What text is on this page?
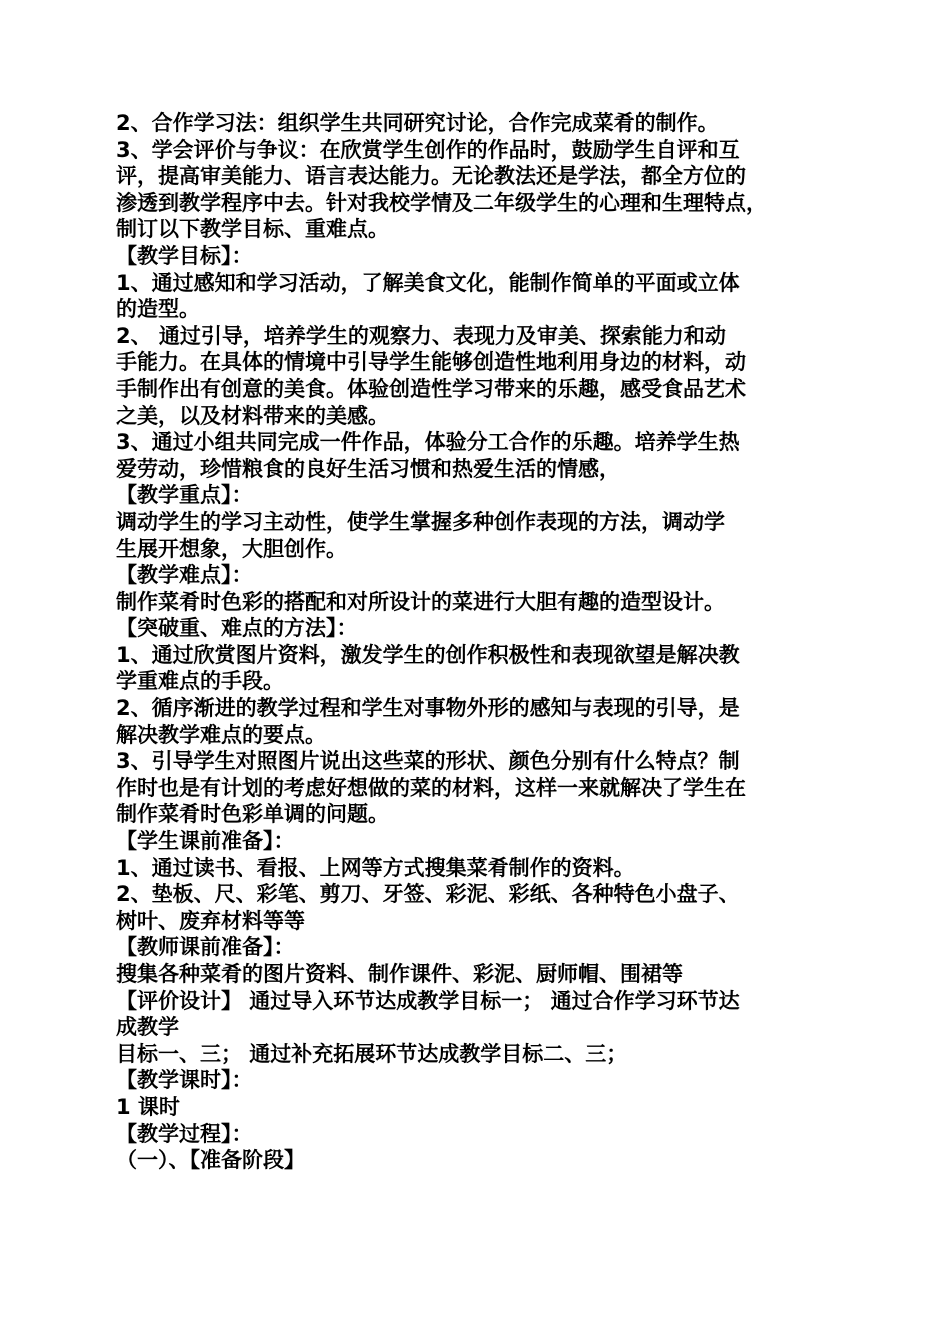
2、合作学习法：组织学生共同研究讨论，合作完成菜肴的制作。
3、学会评价与争议：在欣赏学生创作的作品时，鼓励学生自评和互
评，提高审美能力、语言表达能力。无论教法还是学法，都全方位的
渗透到教学程序中去。针对我校学情及二年级学生的心理和生理特点，
制订以下教学目标、重难点。
【教学目标】：
1、通过感知和学习活动，了解美食文化，能制作简单的平面或立体
的造型。
2、 通过引导，培养学生的观察力、表现力及审美、探索能力和动
手能力。在具体的情境中引导学生能够创造性地利用身边的材料，动
手制作出有创意的美食。体验创造性学习带来的乐趣，感受食品艺术
之美，以及材料带来的美感。
3、通过小组共同完成一件作品，体验分工合作的乐趣。培养学生热
爱劳动，珍惜粮食的良好生活习惯和热爱生活的情感，
【教学重点】：
调动学生的学习主动性，使学生掌握多种创作表现的方法，调动学
生展开想象，大胆创作。
【教学难点】：
制作菜肴时色彩的搭配和对所设计的菜进行大胆有趣的造型设计。
【突破重、难点的方法】：
1、通过欣赏图片资料，激发学生的创作积极性和表现欲望是解决教
学重难点的手段。
2、循序渐进的教学过程和学生对事物外形的感知与表现的引导，是
解决教学难点的要点。
3、引导学生对照图片说出这些菜的形状、颜色分别有什么特点？制
作时也是有计划的考虑好想做的菜的材料，这样一来就解决了学生在
制作菜肴时色彩单调的问题。
【学生课前准备】：
1、通过读书、看报、上网等方式搜集菜肴制作的资料。
2、垫板、尺、彩笔、剪刀、牙签、彩泥、彩纸、各种特色小盘子、
树叶、废弃材料等等
【教师课前准备】：
搜集各种菜肴的图片资料、制作课件、彩泥、厨师帽、围裙等
【评价设计】 通过导入环节达成教学目标一； 通过合作学习环节达
成教学
目标一、三； 通过补充拓展环节达成教学目标二、三；
【教学课时】：
1 课时
【教学过程】：
（一）、【准备阶段】
